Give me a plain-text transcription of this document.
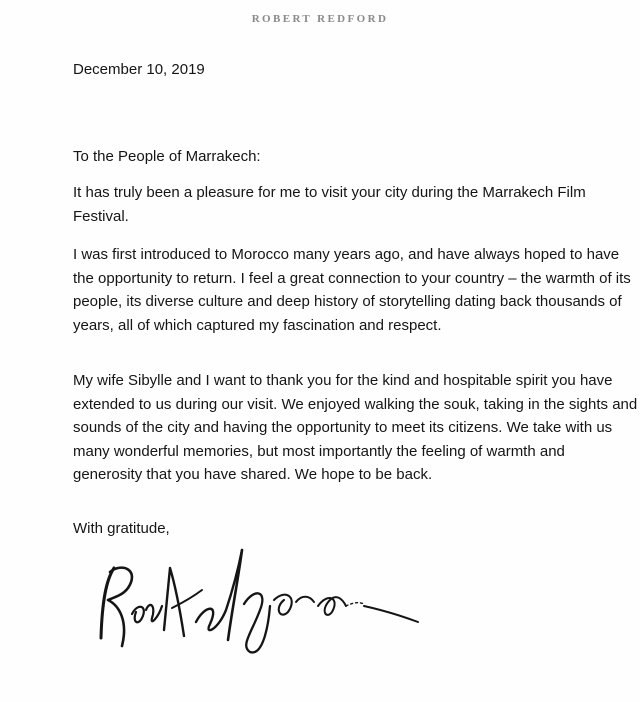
ROBERT REDFORD
December 10, 2019
To the People of Marrakech:

It has truly been a pleasure for me to visit your city during the Marrakech Film Festival.

I was first introduced to Morocco many years ago, and have always hoped to have the opportunity to return. I feel a great connection to your country – the warmth of its people, its diverse culture and deep history of storytelling dating back thousands of years, all of which captured my fascination and respect.

My wife Sibylle and I want to thank you for the kind and hospitable spirit you have extended to us during our visit. We enjoyed walking the souk, taking in the sights and sounds of the city and having the opportunity to meet its citizens. We take with us many wonderful memories, but most importantly the feeling of warmth and generosity that you have shared. We hope to be back.

With gratitude,
